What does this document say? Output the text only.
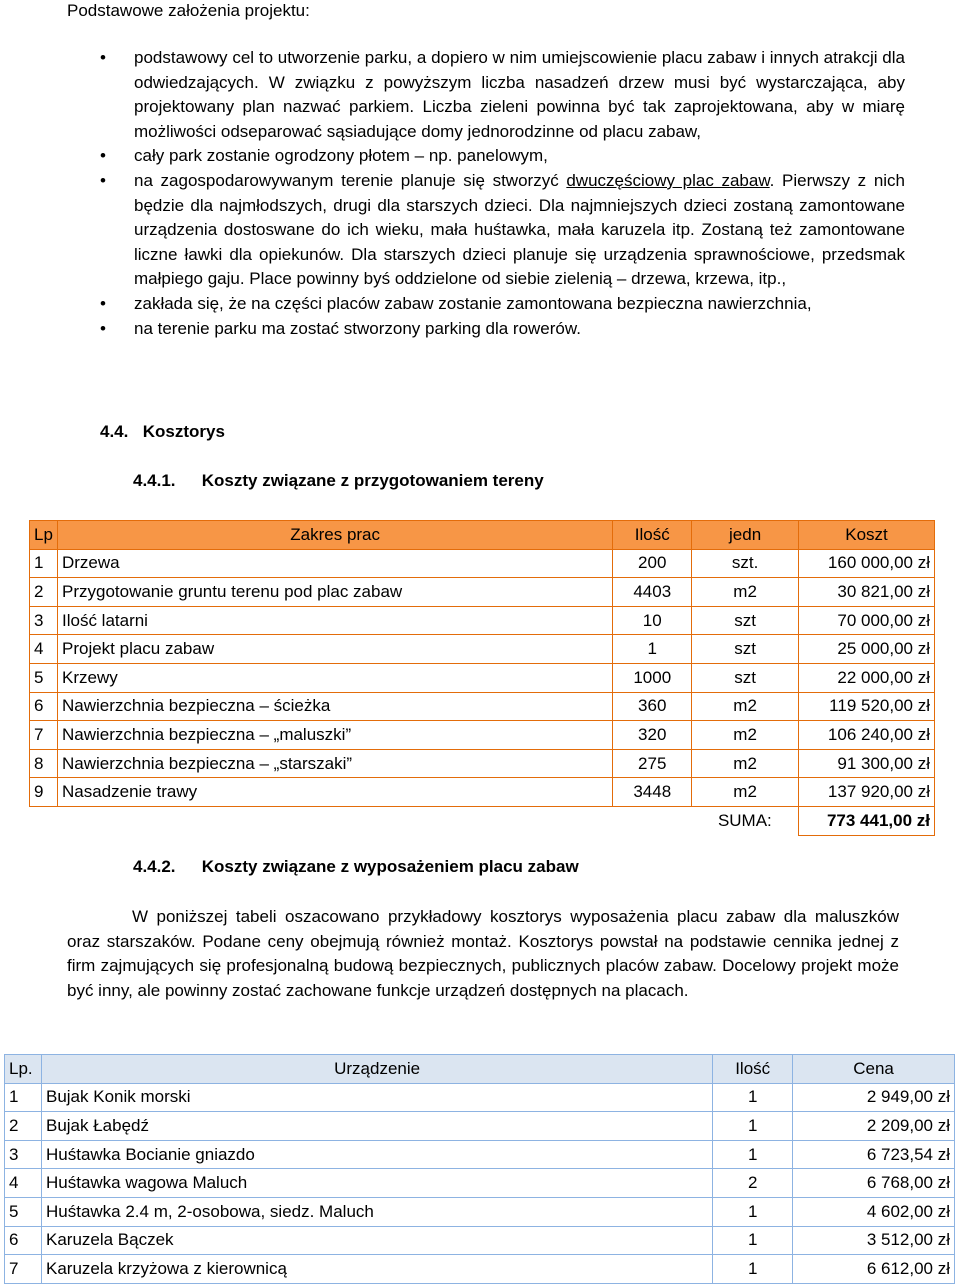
Podstawowe założenia projektu:
• podstawowy cel to utworzenie parku, a dopiero w nim umiejscowienie placu zabaw i innych atrakcji dla odwiedzających. W związku z powyższym liczba nasadzeń drzew musi być wystarczająca, aby projektowany plan nazwać parkiem. Liczba zieleni powinna być tak zaprojektowana, aby w miarę możliwości odseparować sąsiadujące domy jednorodzinne od placu zabaw,
• cały park zostanie ogrodzony płotem – np. panelowym,
• na zagospodarowywanym terenie planuje się stworzyć dwuczęściowy plac zabaw. Pierwszy z nich będzie dla najmłodszych, drugi dla starszych dzieci. Dla najmniejszych dzieci zostaną zamontowane urządzenia dostoswane do ich wieku, mała huśtawka, mała karuzela itp. Zostaną też zamontowane liczne ławki dla opiekunów. Dla starszych dzieci planuje się urządzenia sprawnościowe, przedsmak małpiego gaju. Place powinny byś oddzielone od siebie zielenią – drzewa, krzewa, itp.,
• zakłada się, że na części placów zabaw zostanie zamontowana bezpieczna nawierzchnia,
• na terenie parku ma zostać stworzony parking dla rowerów.
4.4. Kosztorys
4.4.1. Koszty związane z przygotowaniem tereny
Lp	Zakres prac	Ilość	jedn	Koszt
1	Drzewa	200	szt.	160 000,00 zł
2	Przygotowanie gruntu terenu pod plac zabaw	4403	m2	30 821,00 zł
3	Ilość latarni	10	szt	70 000,00 zł
4	Projekt placu zabaw	1	szt	25 000,00 zł
5	Krzewy	1000	szt	22 000,00 zł
6	Nawierzchnia bezpieczna – ścieżka	360	m2	119 520,00 zł
7	Nawierzchnia bezpieczna – „maluszki”	320	m2	106 240,00 zł
8	Nawierzchnia bezpieczna – „starszaki”	275	m2	91 300,00 zł
9	Nasadzenie trawy	3448	m2	137 920,00 zł
			SUMA:	773 441,00 zł
4.4.2. Koszty związane z wyposażeniem placu zabaw
W poniższej tabeli oszacowano przykładowy kosztorys wyposażenia placu zabaw dla maluszków oraz starszaków. Podane ceny obejmują również montaż. Kosztorys powstał na podstawie cennika jednej z firm zajmujących się profesjonalną budową bezpiecznych, publicznych placów zabaw. Docelowy projekt może być inny, ale powinny zostać zachowane funkcje urządzeń dostępnych na placach.
Lp.	Urządzenie	Ilość	Cena
1	Bujak Konik morski	1	2 949,00 zł
2	Bujak Łabędź	1	2 209,00 zł
3	Huśtawka Bocianie gniazdo	1	6 723,54 zł
4	Huśtawka wagowa Maluch	2	6 768,00 zł
5	Huśtawka 2.4 m, 2-osobowa, siedz. Maluch	1	4 602,00 zł
6	Karuzela Bączek	1	3 512,00 zł
7	Karuzela krzyżowa z kierownicą	1	6 612,00 zł
